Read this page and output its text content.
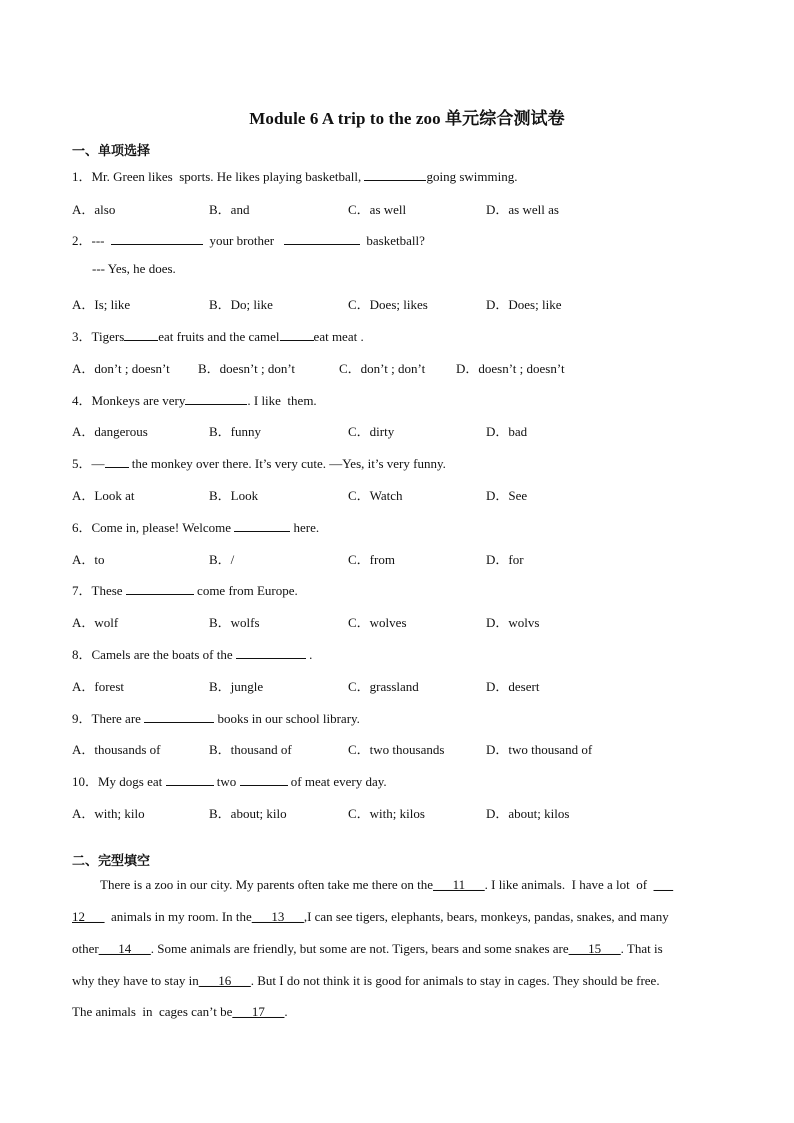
Module 6 A trip to the zoo 单元综合测试卷
一、单项选择
1．Mr. Green likes  sports. He likes playing basketball,	going swimming.
A．also	B．and	C．as well	D．as well as
2．---	your brother	basketball?
--- Yes, he does.
A．Is; like	B．Do; like	C．Does; likes	D．Does; like
3．Tigers	eat fruits and the camel	eat meat .
A．don’t ; doesn’t B．doesn’t ; don’t	C．don’t ; don’t D．doesn’t ; doesn’t
4．Monkeys are very	. I like  them.
A．dangerous	B．funny	C．dirty	D．bad
5．— the monkey over there. It’s very cute. —Yes, it’s very funny.
A．Look at	B．Look	C．Watch	D．See
6．Come in, please! Welcome	here.
A．to	B．/	C．from	D．for
7．These	come from Europe.
A．wolf	B．wolfs	C．wolves	D．wolvs
8．Camels are the boats of the	.
A．forest	B．jungle	C．grassland	D．desert
9．There are	books in our school library.
A．thousands of	B．thousand of	C．two thousands	D．two thousand of
10．My dogs eat	two	of meat every day.
A．with; kilo	B．about; kilo	C．with; kilos	D．about; kilos
二、完型填空
There is a zoo in our city. My parents often take me there on the___11___. I like animals.  I have a lot  of  ___
12___  animals in my room. In the___13___,I can see tigers, elephants, bears, monkeys, pandas, snakes, and many
other___14___. Some animals are friendly, but some are not. Tigers, bears and some snakes are___15___. That is
why they have to stay in___16___. But I do not think it is good for animals to stay in cages. They should be free.
The animals  in  cages can’t be___17___.
